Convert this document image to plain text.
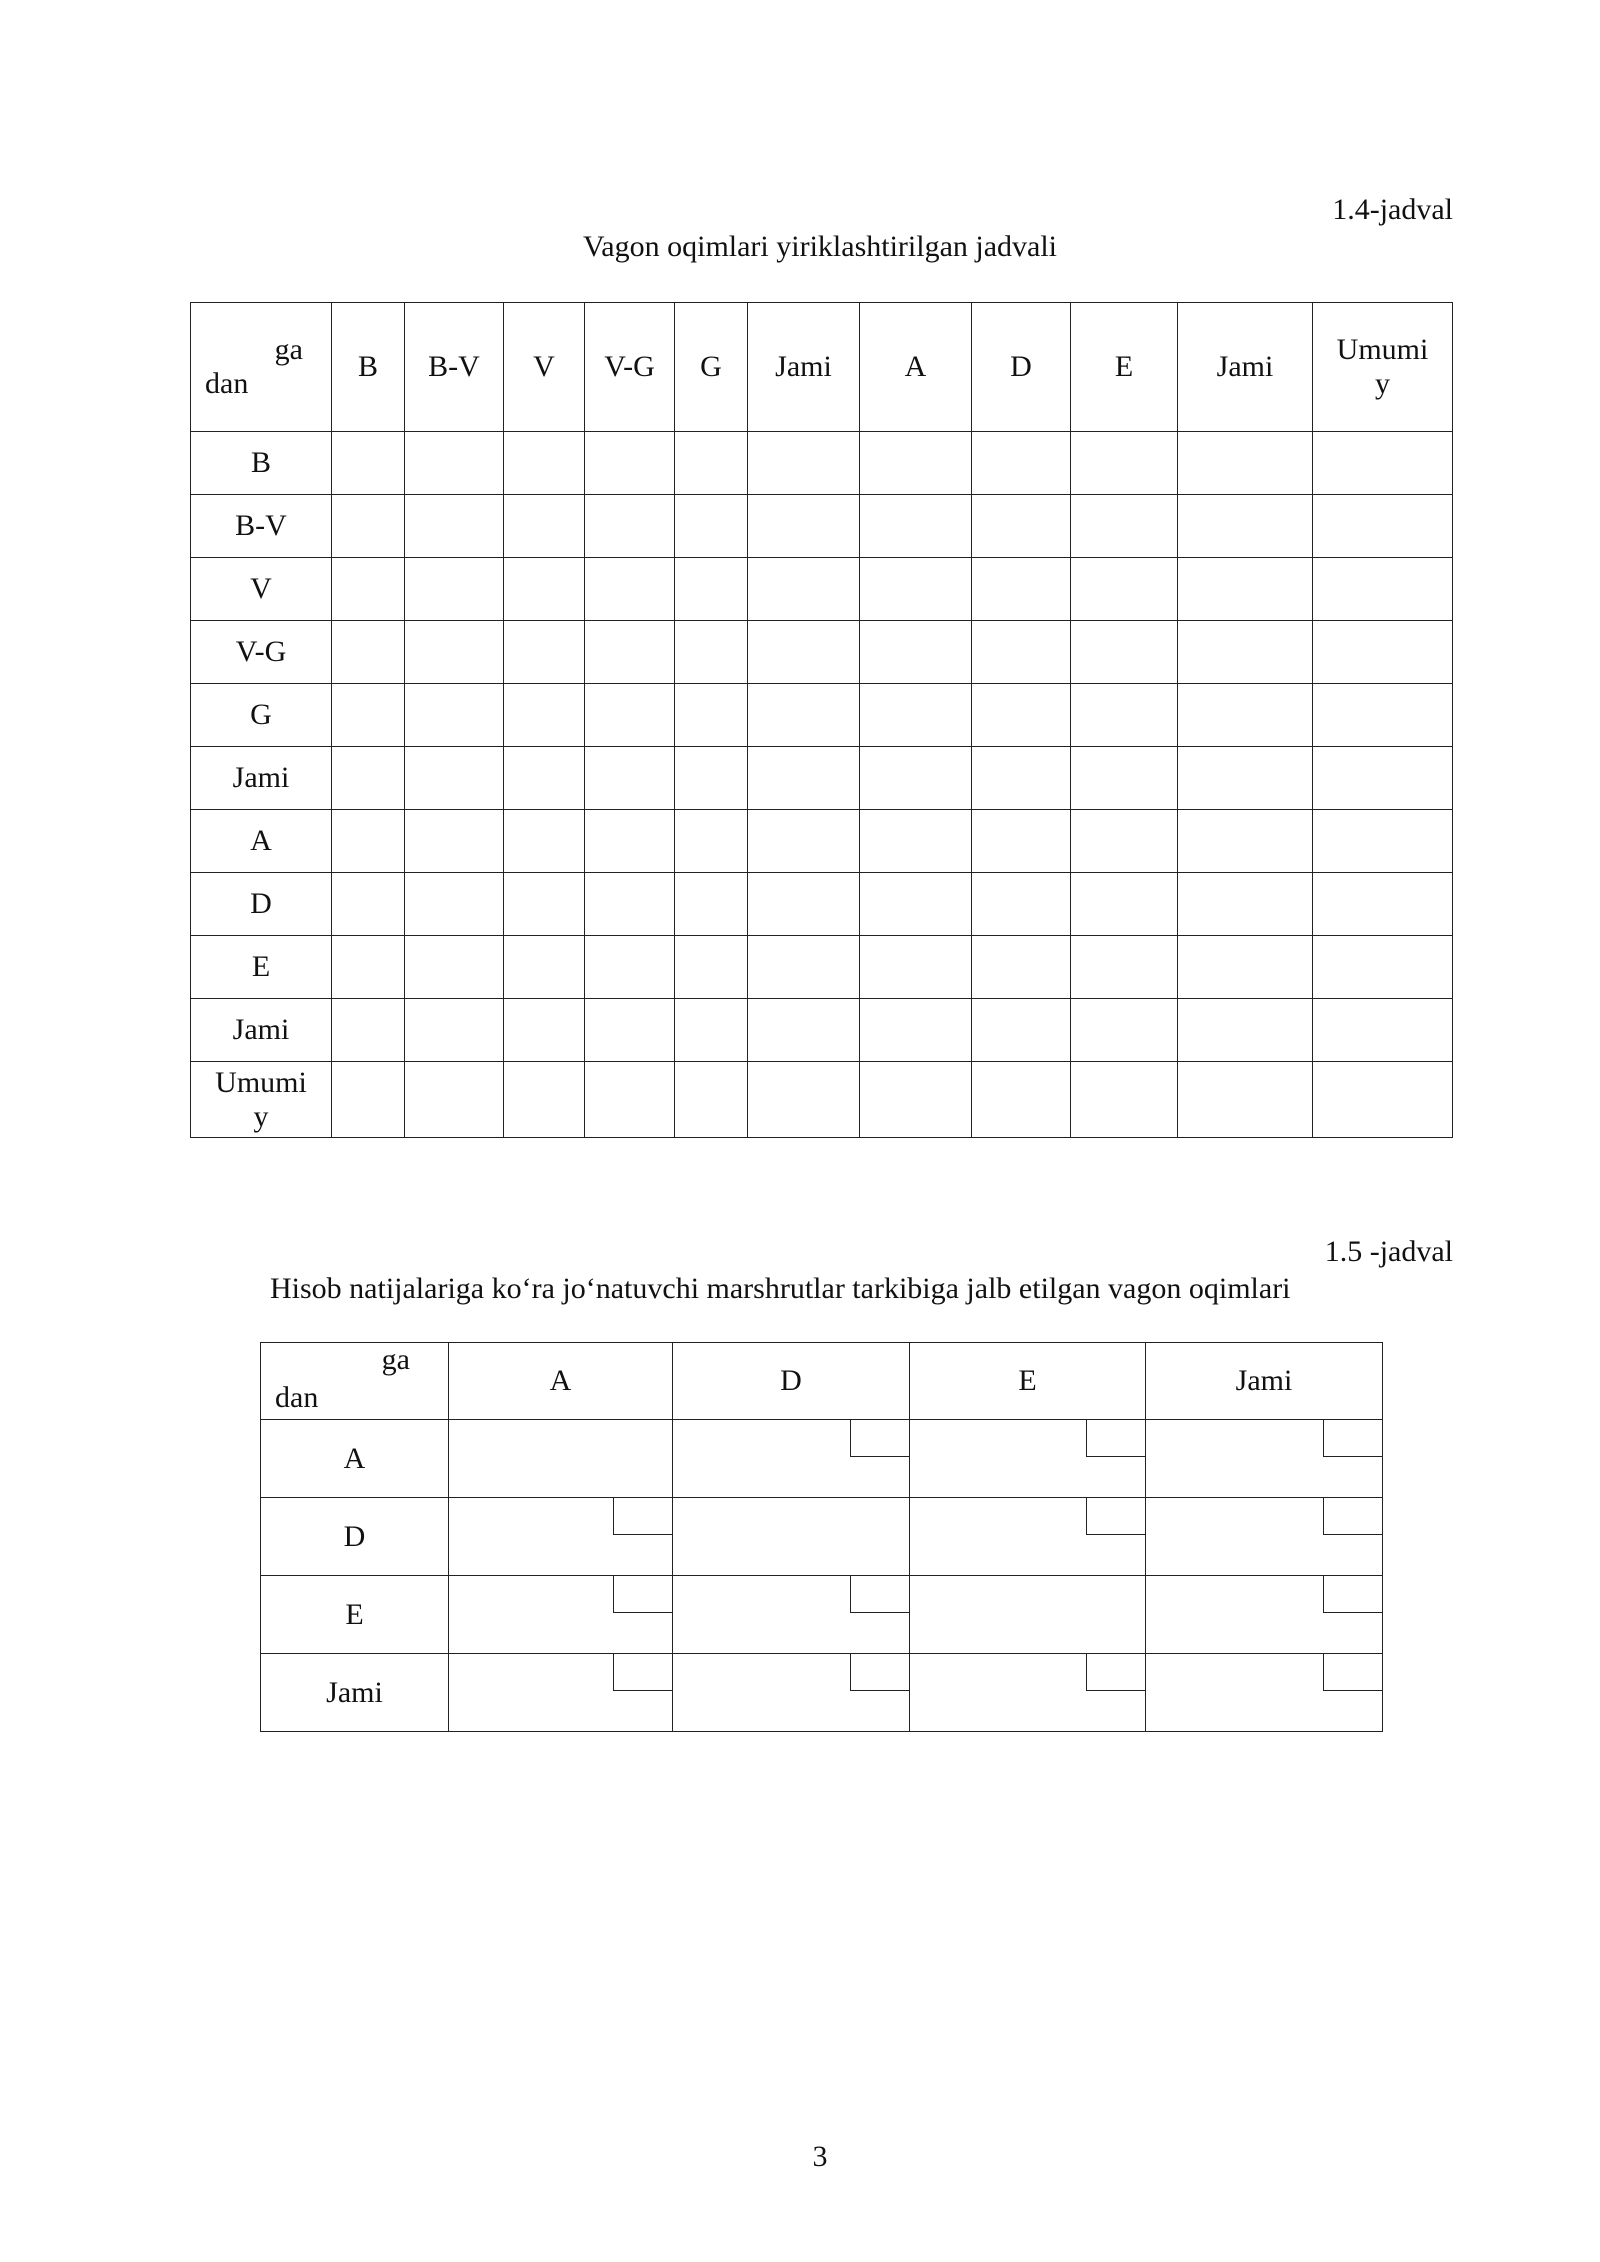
1.4-jadval
Vagon oqimlari yiriklashtirilgan jadvali
ga
dan	B	B-V	V	V-G	G	Jami	A	D	E	Jami	Umumi
y
B											
B-V											
V											
V-G											
G											
Jami											
A											
D											
E											
Jami											
Umumi
y											
1.5 -jadval
Hisob natijalariga ko‘ra jo‘natuvchi marshrutlar tarkibiga jalb etilgan vagon oqimlari
ga
dan	A	D	E	Jami
A		

D	

E	

Jami	

3
